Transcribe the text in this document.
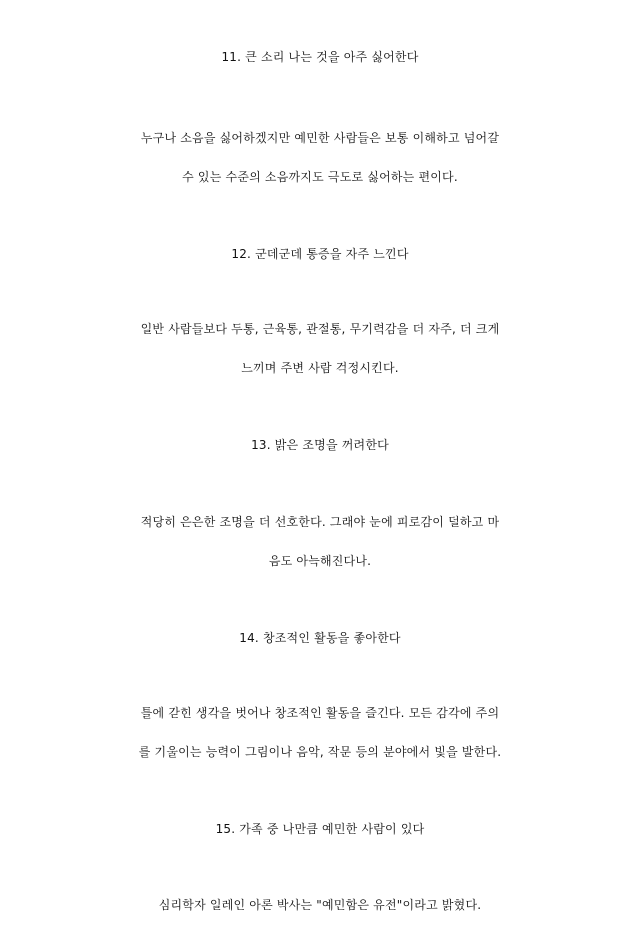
11. 큰 소리 나는 것을 아주 싫어한다
누구나 소음을 싫어하겠지만 예민한 사람들은 보통 이해하고 넘어갈
수 있는 수준의 소음까지도 극도로 싫어하는 편이다.
12. 군데군데 통증을 자주 느낀다
일반 사람들보다 두통, 근육통, 관절통, 무기력감을 더 자주, 더 크게
느끼며 주변 사람 걱정시킨다.
13. 밝은 조명을 꺼려한다
적당히 은은한 조명을 더 선호한다. 그래야 눈에 피로감이 덜하고 마
음도 아늑해진다나.
14. 창조적인 활동을 좋아한다
틀에 갇힌 생각을 벗어나 창조적인 활동을 즐긴다. 모든 감각에 주의
를 기울이는 능력이 그림이나 음악, 작문 등의 분야에서 빛을 발한다.
15. 가족 중 나만큼 예민한 사람이 있다
심리학자 일레인 아론 박사는 "예민함은 유전"이라고 밝혔다.
